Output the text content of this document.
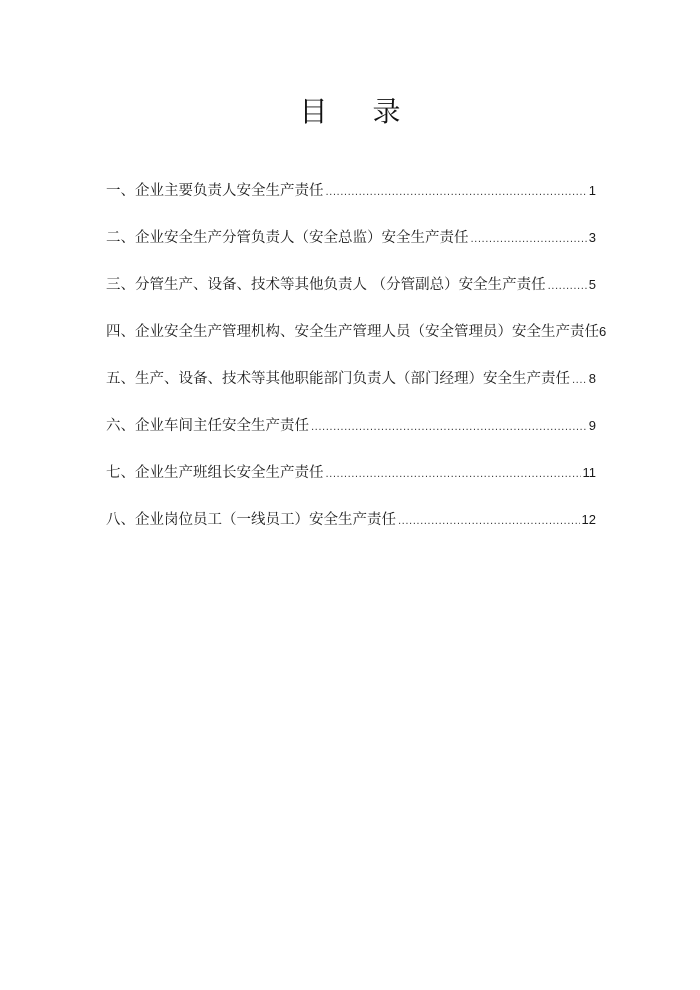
目 录
一、企业主要负责人安全生产责任 .....	1
二、企业安全生产分管负责人（安全总监）安全生产责任 .....	3
三、分管生产、设备、技术等其他负责人 （分管副总）安全生产责任 .....	5
四、企业安全生产管理机构、安全生产管理人员（安全管理员）安全生产责任 6
五、生产、设备、技术等其他职能部门负责人（部门经理）安全生产责任 ..... 8
六、企业车间主任安全生产责任 .....	9
七、企业生产班组长安全生产责任 .....	11
八、企业岗位员工（一线员工）安全生产责任 .....	12
